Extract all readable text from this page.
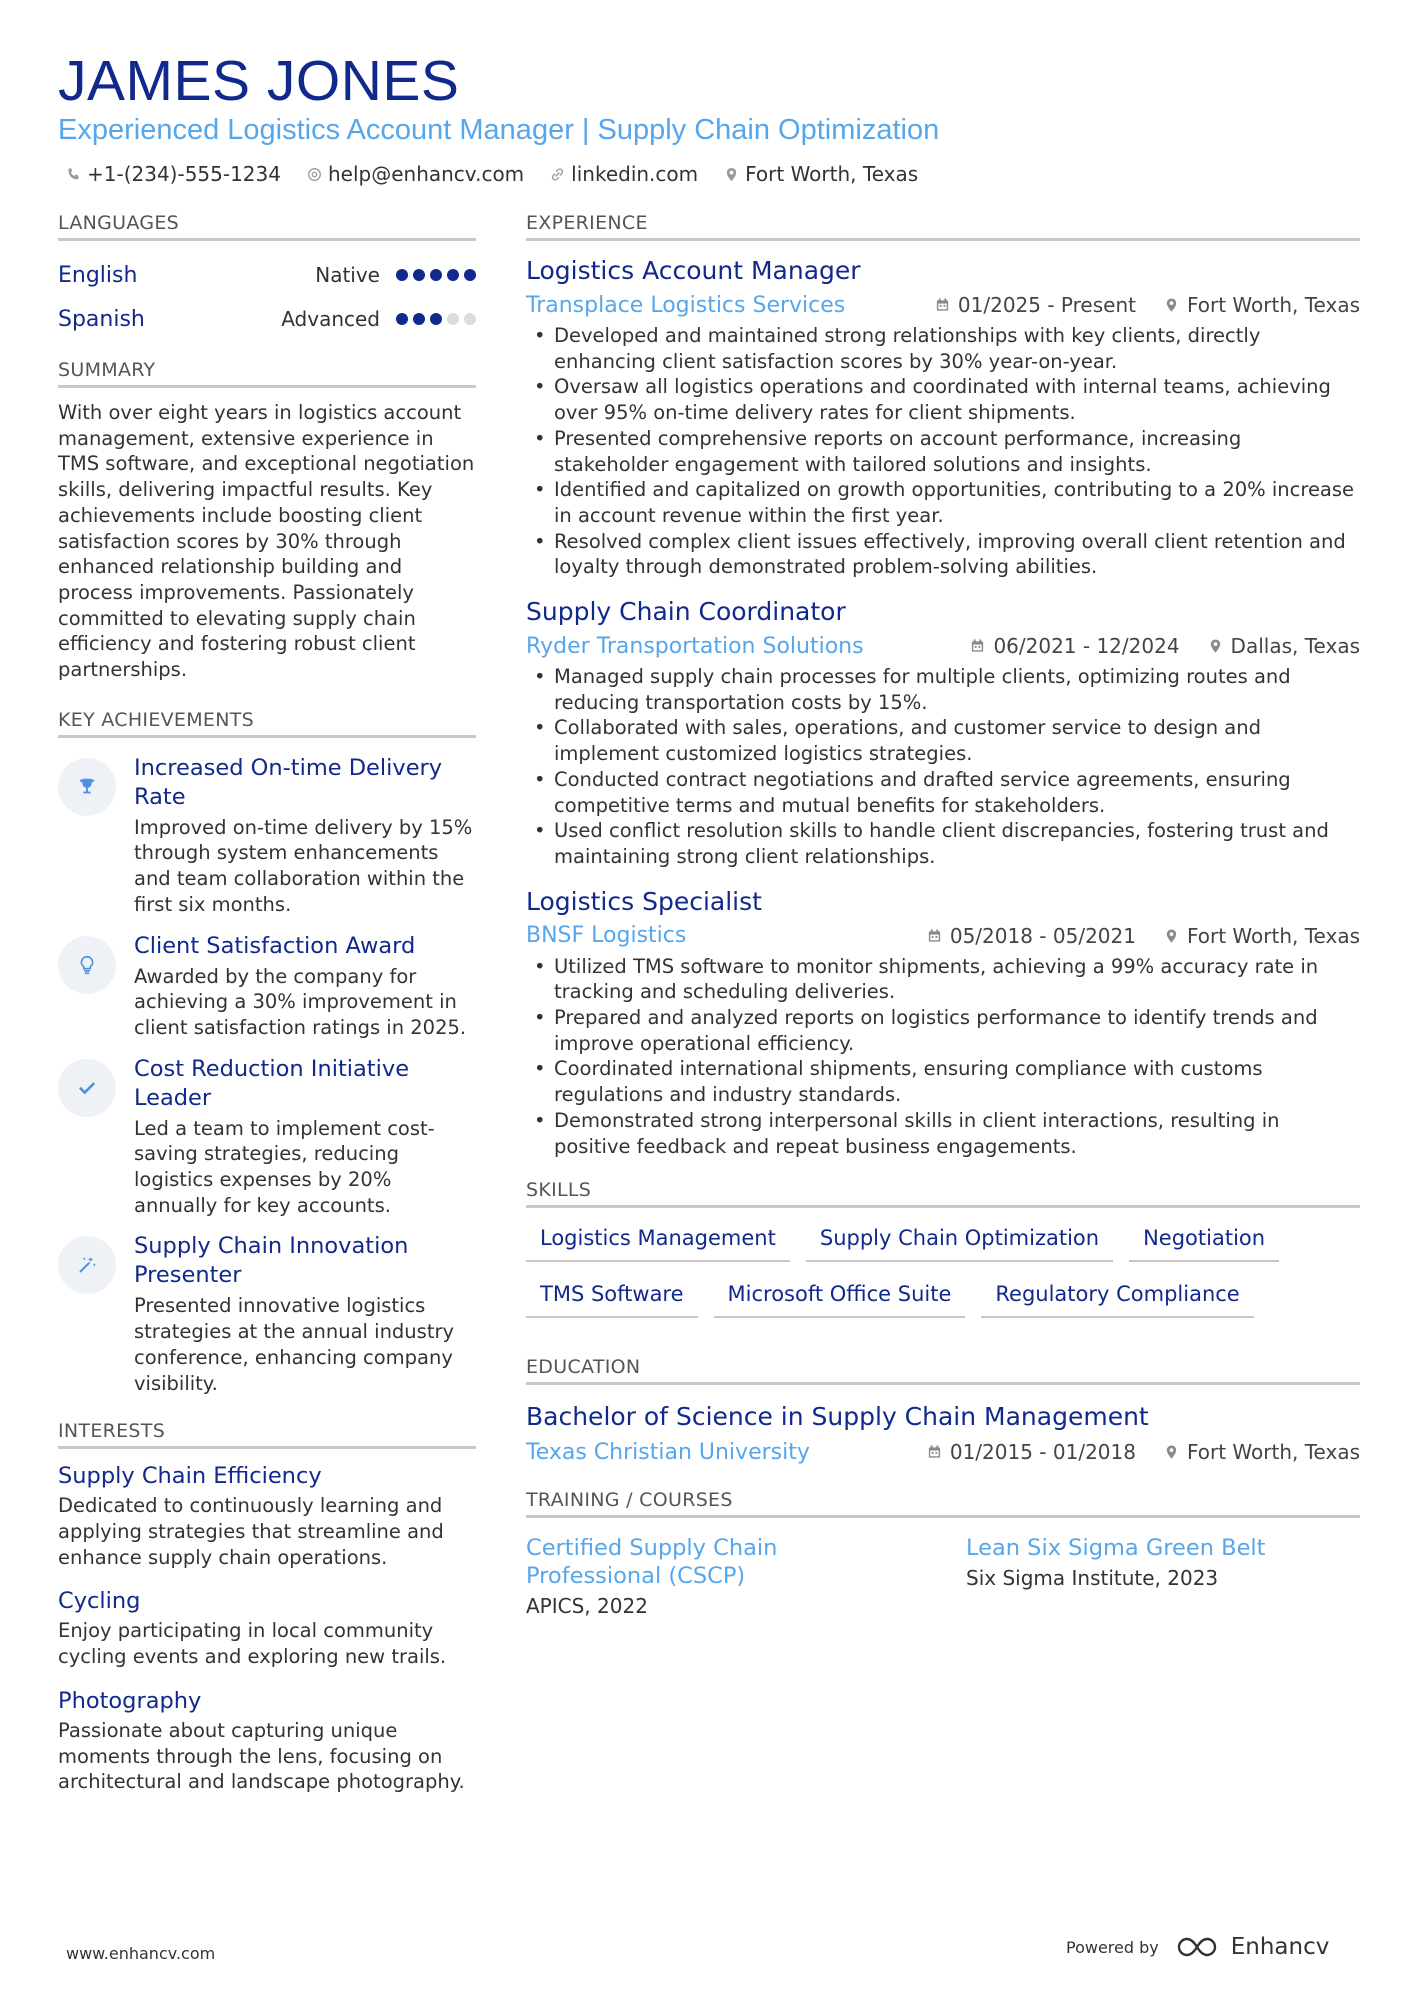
JAMES JONES
Experienced Logistics Account Manager | Supply Chain Optimization
+1-(234)-555-1234 help@enhancv.com linkedin.com Fort Worth, Texas
LANGUAGES
English	Native
Spanish	Advanced
SUMMARY
With over eight years in logistics account management, extensive experience in TMS software, and exceptional negotiation skills, delivering impactful results. Key achievements include boosting client satisfaction scores by 30% through enhanced relationship building and process improvements. Passionately committed to elevating supply chain efficiency and fostering robust client partnerships.
KEY ACHIEVEMENTS
Increased On-time Delivery Rate
Improved on-time delivery by 15% through system enhancements and team collaboration within the first six months.
Client Satisfaction Award
Awarded by the company for achieving a 30% improvement in client satisfaction ratings in 2025.
Cost Reduction Initiative Leader
Led a team to implement cost-saving strategies, reducing logistics expenses by 20% annually for key accounts.
Supply Chain Innovation Presenter
Presented innovative logistics strategies at the annual industry conference, enhancing company visibility.
INTERESTS
Supply Chain Efficiency
Dedicated to continuously learning and applying strategies that streamline and enhance supply chain operations.
Cycling
Enjoy participating in local community cycling events and exploring new trails.
Photography
Passionate about capturing unique moments through the lens, focusing on architectural and landscape photography.
EXPERIENCE
Logistics Account Manager
Transplace Logistics Services	01/2025 - Present	Fort Worth, Texas
• Developed and maintained strong relationships with key clients, directly enhancing client satisfaction scores by 30% year-on-year.
• Oversaw all logistics operations and coordinated with internal teams, achieving over 95% on-time delivery rates for client shipments.
• Presented comprehensive reports on account performance, increasing stakeholder engagement with tailored solutions and insights.
• Identified and capitalized on growth opportunities, contributing to a 20% increase in account revenue within the first year.
• Resolved complex client issues effectively, improving overall client retention and loyalty through demonstrated problem-solving abilities.
Supply Chain Coordinator
Ryder Transportation Solutions	06/2021 - 12/2024	Dallas, Texas
• Managed supply chain processes for multiple clients, optimizing routes and reducing transportation costs by 15%.
• Collaborated with sales, operations, and customer service to design and implement customized logistics strategies.
• Conducted contract negotiations and drafted service agreements, ensuring competitive terms and mutual benefits for stakeholders.
• Used conflict resolution skills to handle client discrepancies, fostering trust and maintaining strong client relationships.
Logistics Specialist
BNSF Logistics	05/2018 - 05/2021	Fort Worth, Texas
• Utilized TMS software to monitor shipments, achieving a 99% accuracy rate in tracking and scheduling deliveries.
• Prepared and analyzed reports on logistics performance to identify trends and improve operational efficiency.
• Coordinated international shipments, ensuring compliance with customs regulations and industry standards.
• Demonstrated strong interpersonal skills in client interactions, resulting in positive feedback and repeat business engagements.
SKILLS
Logistics Management	Supply Chain Optimization	Negotiation
TMS Software	Microsoft Office Suite	Regulatory Compliance
EDUCATION
Bachelor of Science in Supply Chain Management
Texas Christian University	01/2015 - 01/2018	Fort Worth, Texas
TRAINING / COURSES
Certified Supply Chain Professional (CSCP)
APICS, 2022
Lean Six Sigma Green Belt
Six Sigma Institute, 2023
www.enhancv.com	Powered by	Enhancv
